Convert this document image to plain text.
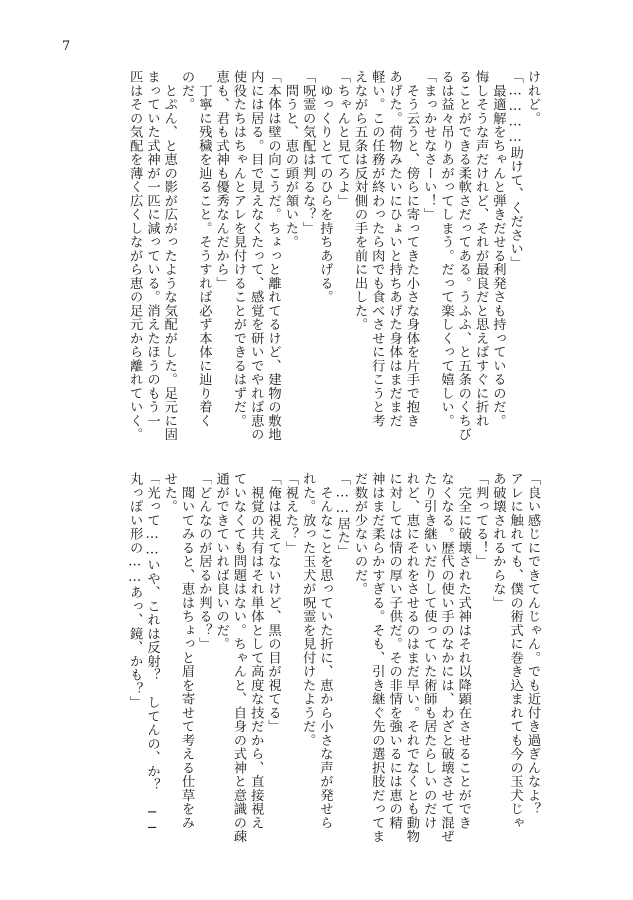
7
けれど。
「…………助けて、ください」
　最適解をちゃんと弾きだせる利発さも持っているのだ。
悔しそうな声だけれど、それが最良だと思えばすぐに折れ
ることができる柔軟さだってある。うふふ、と五条のくちび
るは益々吊りあがってしまう。だって楽しくって嬉しい。
「まっかせなさーい！」
　そう云うと、傍らに寄ってきた小さな身体を片手で抱き
あげた。荷物みたいにひょいと持ちあげた身体はまだまだ
軽い。この任務が終わったら肉でも食べさせに行こうと考
えながら五条は反対側の手を前に出した。
「ちゃんと見てろよ」
　ゆっくりとてのひらを持ちあげる。
「呪霊の気配は判るな？」
　問うと、恵の頭が頷いた。
「本体は壁の向こうだ。ちょっと離れてるけど、建物の敷地
内には居る。目で見えなくたって、感覚を研いでやれば恵の
使役たちはちゃんとアレを見付けることができるはずだ。
恵も、君も式神も優秀なんだから」
　丁寧に残穢を辿ること。そうすれば必ず本体に辿り着く
のだ。
　とぷん、と恵の影が広がったような気配がした。足元に固
まっていた式神が一匹に減っている。消えたほうのもう一
匹はその気配を薄く広くしながら恵の足元から離れていく。
「良い感じにできてんじゃん。でも近付き過ぎんなよ？
アレに触れても、僕の術式に巻き込まれても今の玉犬じゃ
あ破壊されるからな」
「判ってる！」
　完全に破壊された式神はそれ以降顕在させることができ
なくなる。歴代の使い手のなかには、わざと破壊させて混ぜ
たり引き継いだりして使っていた術師も居たらしいのだけ
れど、恵にそれをさせるのはまだ早い。それでなくとも動物
に対しては情の厚い子供だ。その非情を強いるには恵の精
神はまだ柔らかすぎる。そも、引き継ぐ先の選択肢だってま
だ数が少ないのだ。
「……居た」
　そんなことを思っていた折に、恵から小さな声が発せら
れた。放った玉犬が呪霊を見付けたようだ。
「視えた？」
「俺は視えてないけど、黒の目が視てる」
　視覚の共有はそれ単体として高度な技だから、直接視え
ていなくても問題はない。ちゃんと、自身の式神と意識の疎
通ができていれば良いのだ。
「どんなのが居るか判る？」
　聞いてみると、恵はちょっと眉を寄せて考える仕草をみ
せた。
「光って……いや、これは反射？　してんの、か？　──
丸っぽい形の……あっ、鏡、かも？」
